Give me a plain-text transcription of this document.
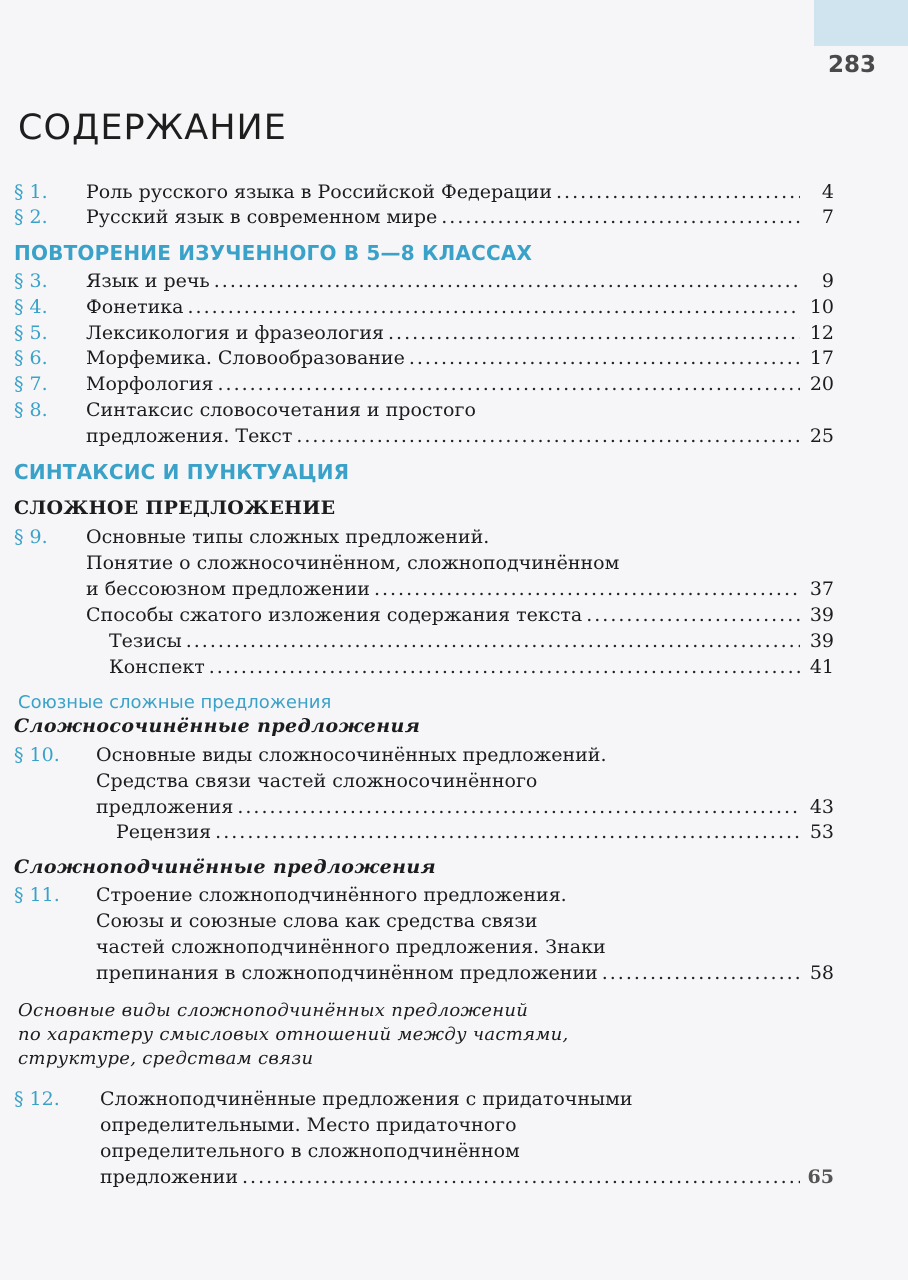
283
СОДЕРЖАНИЕ
§ 1.	Роль русского языка в Российской Федерации .....	4
§ 2.	Русский язык в современном мире .....	7
ПОВТОРЕНИЕ ИЗУЧЕННОГО В 5—8 КЛАССАХ
§ 3.	Язык и речь .....	9
§ 4.	Фонетика .....	10
§ 5.	Лексикология и фразеология .....	12
§ 6.	Морфемика. Словообразование .....	17
§ 7.	Морфология .....	20
§ 8.	Синтаксис словосочетания и простого
предложения. Текст .....	25
СИНТАКСИС И ПУНКТУАЦИЯ
СЛОЖНОЕ ПРЕДЛОЖЕНИЕ
§ 9.	Основные типы сложных предложений.
Понятие о сложносочинённом, сложноподчинённом
и бессоюзном предложении .....	37
Способы сжатого изложения содержания текста .....	39
Тезисы .....	39
Конспект .....	41
Союзные сложные предложения
Сложносочинённые предложения
§ 10.	Основные виды сложносочинённых предложений.
Средства связи частей сложносочинённого
предложения .....	43
Рецензия .....	53
Сложноподчинённые предложения
§ 11.	Строение сложноподчинённого предложения.
Союзы и союзные слова как средства связи
частей сложноподчинённого предложения. Знаки
препинания в сложноподчинённом предложении .....	58
Основные виды сложноподчинённых предложений
по характеру смысловых отношений между частями,
структуре, средствам связи
§ 12.	Сложноподчинённые предложения с придаточными
определительными. Место придаточного
определительного в сложноподчинённом
предложении .....	65
